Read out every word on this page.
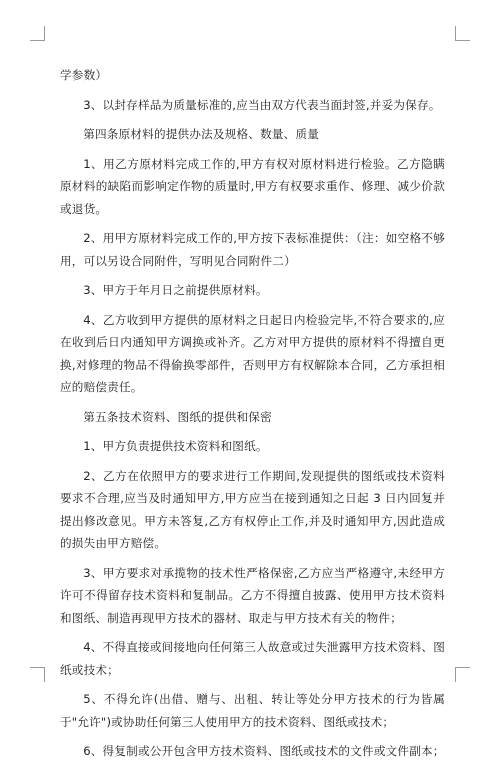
学参数）

3、以封存样品为质量标准的,应当由双方代表当面封签,并妥为保存。

第四条原材料的提供办法及规格、数量、质量

1、用乙方原材料完成工作的,甲方有权对原材料进行检验。乙方隐瞒原材料的缺陷而影响定作物的质量时,甲方有权要求重作、修理、减少价款或退货。

2、用甲方原材料完成工作的,甲方按下表标准提供：（注：如空格不够用，可以另设合同附件，写明见合同附件二）

3、甲方于年月日之前提供原材料。

4、乙方收到甲方提供的原材料之日起日内检验完毕,不符合要求的,应在收到后日内通知甲方调换或补齐。乙方对甲方提供的原材料不得擅自更换,对修理的物品不得偷换零部件，否则甲方有权解除本合同，乙方承担相应的赔偿责任。

第五条技术资料、图纸的提供和保密

1、甲方负责提供技术资料和图纸。

2、乙方在依照甲方的要求进行工作期间,发现提供的图纸或技术资料要求不合理,应当及时通知甲方,甲方应当在接到通知之日起 3 日内回复并提出修改意见。甲方未答复,乙方有权停止工作,并及时通知甲方,因此造成的损失由甲方赔偿。

3、甲方要求对承揽物的技术性严格保密,乙方应当严格遵守,未经甲方许可不得留存技术资料和复制品。乙方不得擅自披露、使用甲方技术资料和图纸、制造再现甲方技术的器材、取走与甲方技术有关的物件；

4、不得直接或间接地向任何第三人故意或过失泄露甲方技术资料、图纸或技术；

5、不得允许(出借、赠与、出租、转让等处分甲方技术的行为皆属于"允许")或协助任何第三人使用甲方的技术资料、图纸或技术；

6、得复制或公开包含甲方技术资料、图纸或技术的文件或文件副本；
